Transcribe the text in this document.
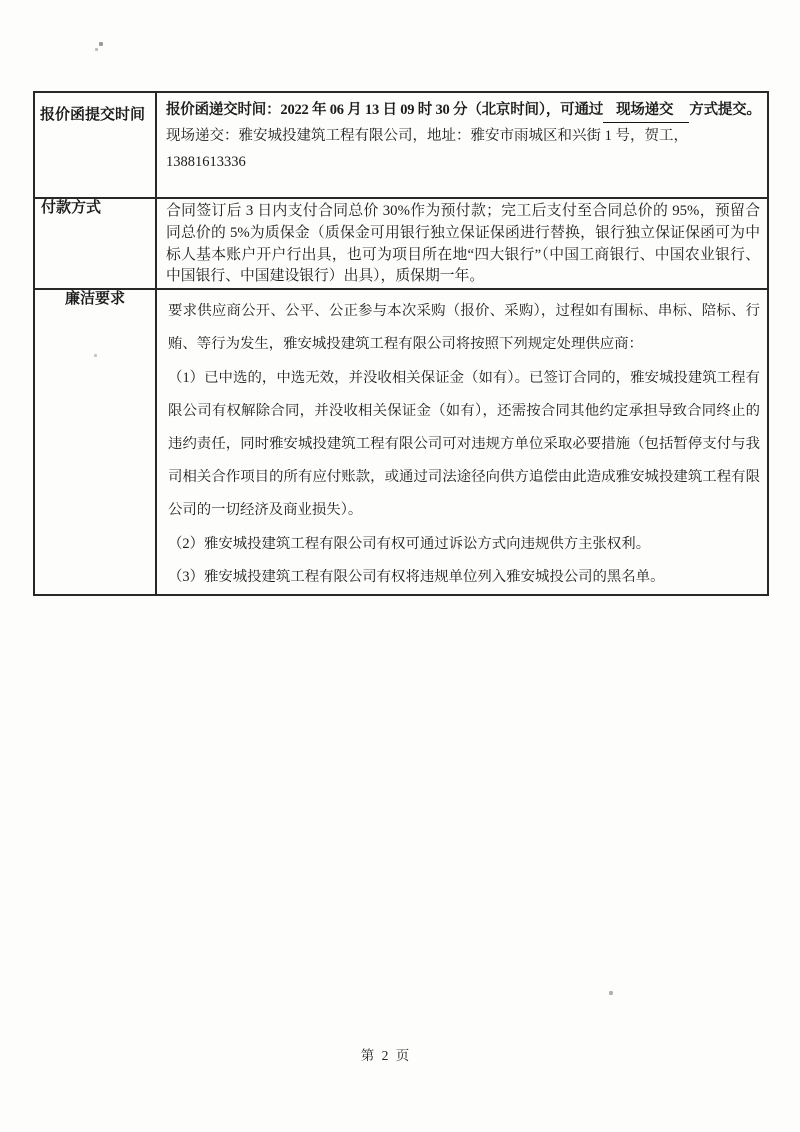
报价函提交时间	报价函递交时间：2022 年 06 月 13 日 09 时 30 分（北京时间），可通过 现场递交 方式提交。
现场递交：雅安城投建筑工程有限公司，地址：雅安市雨城区和兴街 1 号，贺工，13881613336

付款方式	合同签订后 3 日内支付合同总价 30%作为预付款；完工后支付至合同总价的 95%，预留合同总价的 5%为质保金（质保金可用银行独立保证保函进行替换，银行独立保证保函可为中标人基本账户开户行出具，也可为项目所在地“四大银行”（中国工商银行、中国农业银行、中国银行、中国建设银行）出具），质保期一年。
廉洁要求	要求供应商公开、公平、公正参与本次采购（报价、采购），过程如有围标、串标、陪标、行贿、等行为发生，雅安城投建筑工程有限公司将按照下列规定处理供应商：

（1）已中选的，中选无效，并没收相关保证金（如有）。已签订合同的，雅安城投建筑工程有限公司有权解除合同，并没收相关保证金（如有），还需按合同其他约定承担导致合同终止的违约责任，同时雅安城投建筑工程有限公司可对违规方单位采取必要措施（包括暂停支付与我司相关合作项目的所有应付账款，或通过司法途径向供方追偿由此造成雅安城投建筑工程有限公司的一切经济及商业损失）。

（2）雅安城投建筑工程有限公司有权可通过诉讼方式向违规供方主张权利。

（3）雅安城投建筑工程有限公司有权将违规单位列入雅安城投公司的黑名单。

第 2 页
